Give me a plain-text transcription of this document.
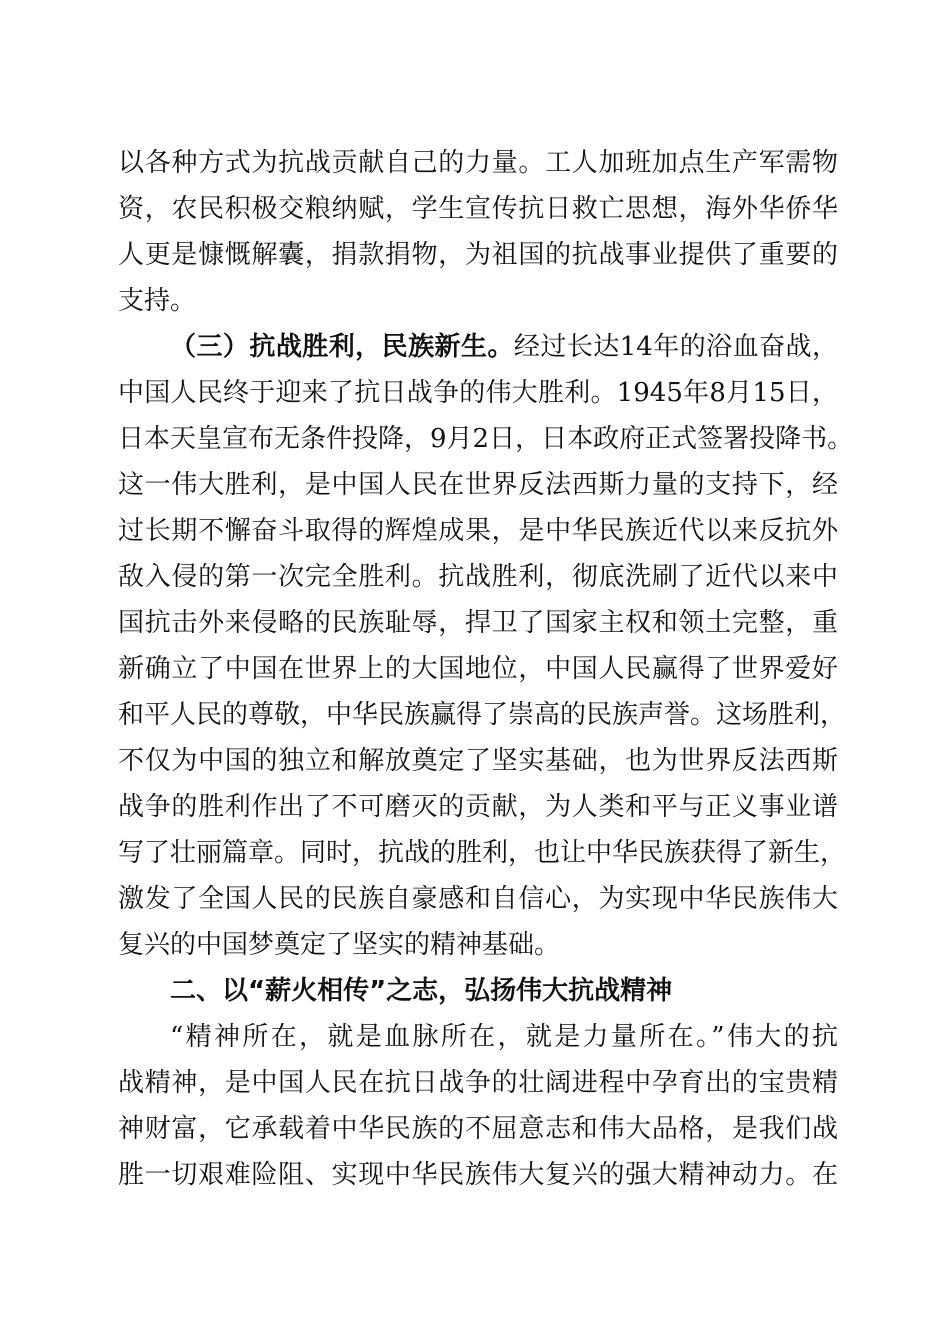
以各种方式为抗战贡献自己的力量。工人加班加点生产军需物
资，农民积极交粮纳赋，学生宣传抗日救亡思想，海外华侨华
人更是慷慨解囊，捐款捐物，为祖国的抗战事业提供了重要的
支持。
（三）抗战胜利，民族新生。经过长达14年的浴血奋战，
中国人民终于迎来了抗日战争的伟大胜利。1945年8月15日，
日本天皇宣布无条件投降，9月2日，日本政府正式签署投降书。
这一伟大胜利，是中国人民在世界反法西斯力量的支持下，经
过长期不懈奋斗取得的辉煌成果，是中华民族近代以来反抗外
敌入侵的第一次完全胜利。抗战胜利，彻底洗刷了近代以来中
国抗击外来侵略的民族耻辱，捍卫了国家主权和领土完整，重
新确立了中国在世界上的大国地位，中国人民赢得了世界爱好
和平人民的尊敬，中华民族赢得了崇高的民族声誉。这场胜利，
不仅为中国的独立和解放奠定了坚实基础，也为世界反法西斯
战争的胜利作出了不可磨灭的贡献，为人类和平与正义事业谱
写了壮丽篇章。同时，抗战的胜利，也让中华民族获得了新生，
激发了全国人民的民族自豪感和自信心，为实现中华民族伟大
复兴的中国梦奠定了坚实的精神基础。
二、以“薪火相传”之志，弘扬伟大抗战精神
“精神所在，就是血脉所在，就是力量所在。”伟大的抗
战精神，是中国人民在抗日战争的壮阔进程中孕育出的宝贵精
神财富，它承载着中华民族的不屈意志和伟大品格，是我们战
胜一切艰难险阻、实现中华民族伟大复兴的强大精神动力。在
